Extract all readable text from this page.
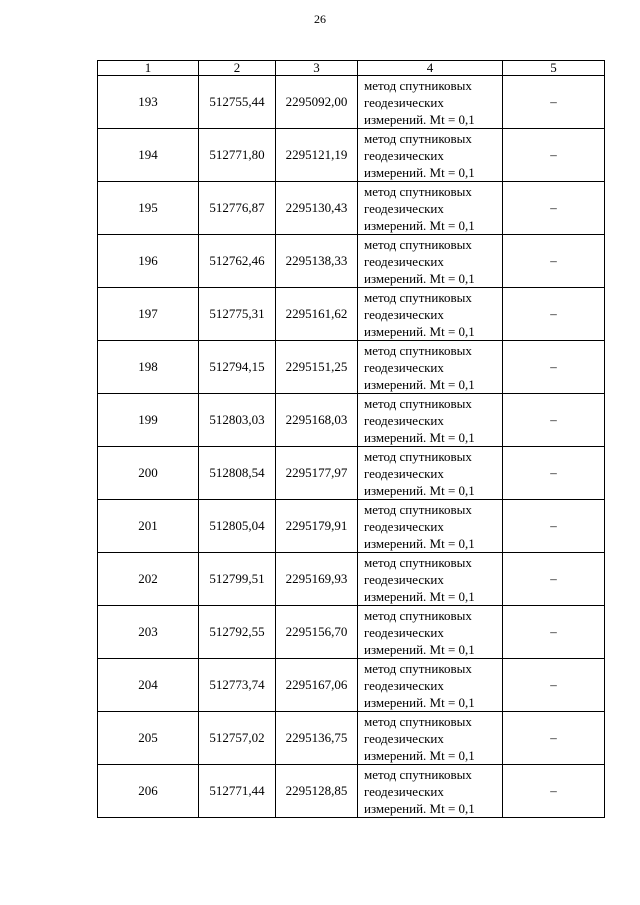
26
1	2	3	4	5
193	512755,44	2295092,00	метод спутниковых
геодезических
измерений. Mt = 0,1	–
194	512771,80	2295121,19	метод спутниковых
геодезических
измерений. Mt = 0,1	–
195	512776,87	2295130,43	метод спутниковых
геодезических
измерений. Mt = 0,1	–
196	512762,46	2295138,33	метод спутниковых
геодезических
измерений. Mt = 0,1	–
197	512775,31	2295161,62	метод спутниковых
геодезических
измерений. Mt = 0,1	–
198	512794,15	2295151,25	метод спутниковых
геодезических
измерений. Mt = 0,1	–
199	512803,03	2295168,03	метод спутниковых
геодезических
измерений. Mt = 0,1	–
200	512808,54	2295177,97	метод спутниковых
геодезических
измерений. Mt = 0,1	–
201	512805,04	2295179,91	метод спутниковых
геодезических
измерений. Mt = 0,1	–
202	512799,51	2295169,93	метод спутниковых
геодезических
измерений. Mt = 0,1	–
203	512792,55	2295156,70	метод спутниковых
геодезических
измерений. Mt = 0,1	–
204	512773,74	2295167,06	метод спутниковых
геодезических
измерений. Mt = 0,1	–
205	512757,02	2295136,75	метод спутниковых
геодезических
измерений. Mt = 0,1	–
206	512771,44	2295128,85	метод спутниковых
геодезических
измерений. Mt = 0,1	–
